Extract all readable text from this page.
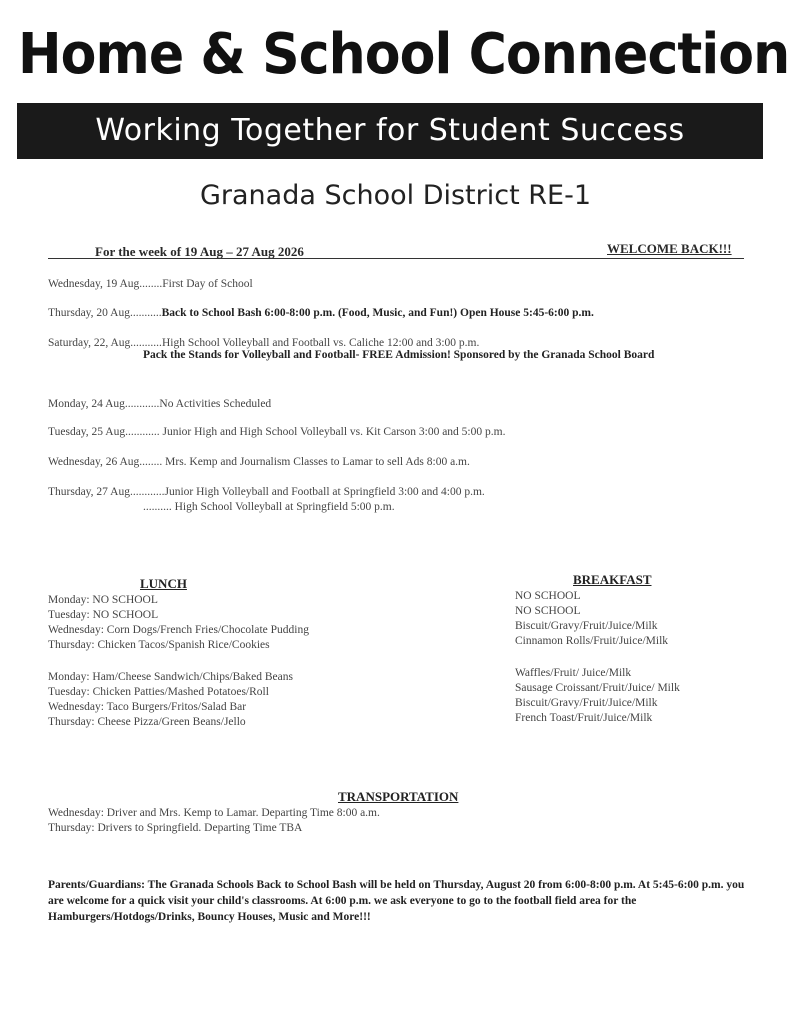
Home & School Connection
Working Together for Student Success
Granada School District RE-1
For the week of 19 Aug – 27 Aug 2026	WELCOME BACK!!!
Wednesday, 19 Aug........First Day of School
Thursday, 20 Aug...........Back to School Bash 6:00-8:00 p.m. (Food, Music, and Fun!) Open House 5:45-6:00 p.m.
Saturday, 22, Aug...........High School Volleyball and Football vs. Caliche 12:00 and 3:00 p.m.
Pack the Stands for Volleyball and Football- FREE Admission! Sponsored by the Granada School Board
Monday, 24 Aug............No Activities Scheduled
Tuesday, 25 Aug............ Junior High and High School Volleyball vs. Kit Carson 3:00 and 5:00 p.m.
Wednesday, 26 Aug........ Mrs. Kemp and Journalism Classes to Lamar to sell Ads 8:00 a.m.
Thursday, 27 Aug............Junior High Volleyball and Football at Springfield 3:00 and 4:00 p.m.
.......... High School Volleyball at Springfield 5:00 p.m.
LUNCH
Monday: NO SCHOOL
Tuesday: NO SCHOOL
Wednesday: Corn Dogs/French Fries/Chocolate Pudding
Thursday: Chicken Tacos/Spanish Rice/Cookies
Monday: Ham/Cheese Sandwich/Chips/Baked Beans
Tuesday: Chicken Patties/Mashed Potatoes/Roll
Wednesday: Taco Burgers/Fritos/Salad Bar
Thursday: Cheese Pizza/Green Beans/Jello
BREAKFAST
NO SCHOOL
NO SCHOOL
Biscuit/Gravy/Fruit/Juice/Milk
Cinnamon Rolls/Fruit/Juice/Milk
Waffles/Fruit/ Juice/Milk
Sausage Croissant/Fruit/Juice/ Milk
Biscuit/Gravy/Fruit/Juice/Milk
French Toast/Fruit/Juice/Milk
TRANSPORTATION
Wednesday: Driver and Mrs. Kemp to Lamar. Departing Time 8:00 a.m.
Thursday: Drivers to Springfield. Departing Time TBA
Parents/Guardians: The Granada Schools Back to School Bash will be held on Thursday, August 20 from 6:00-8:00 p.m. At 5:45-6:00 p.m. you are welcome for a quick visit your child's classrooms. At 6:00 p.m. we ask everyone to go to the football field area for the Hamburgers/Hotdogs/Drinks, Bouncy Houses, Music and More!!!
